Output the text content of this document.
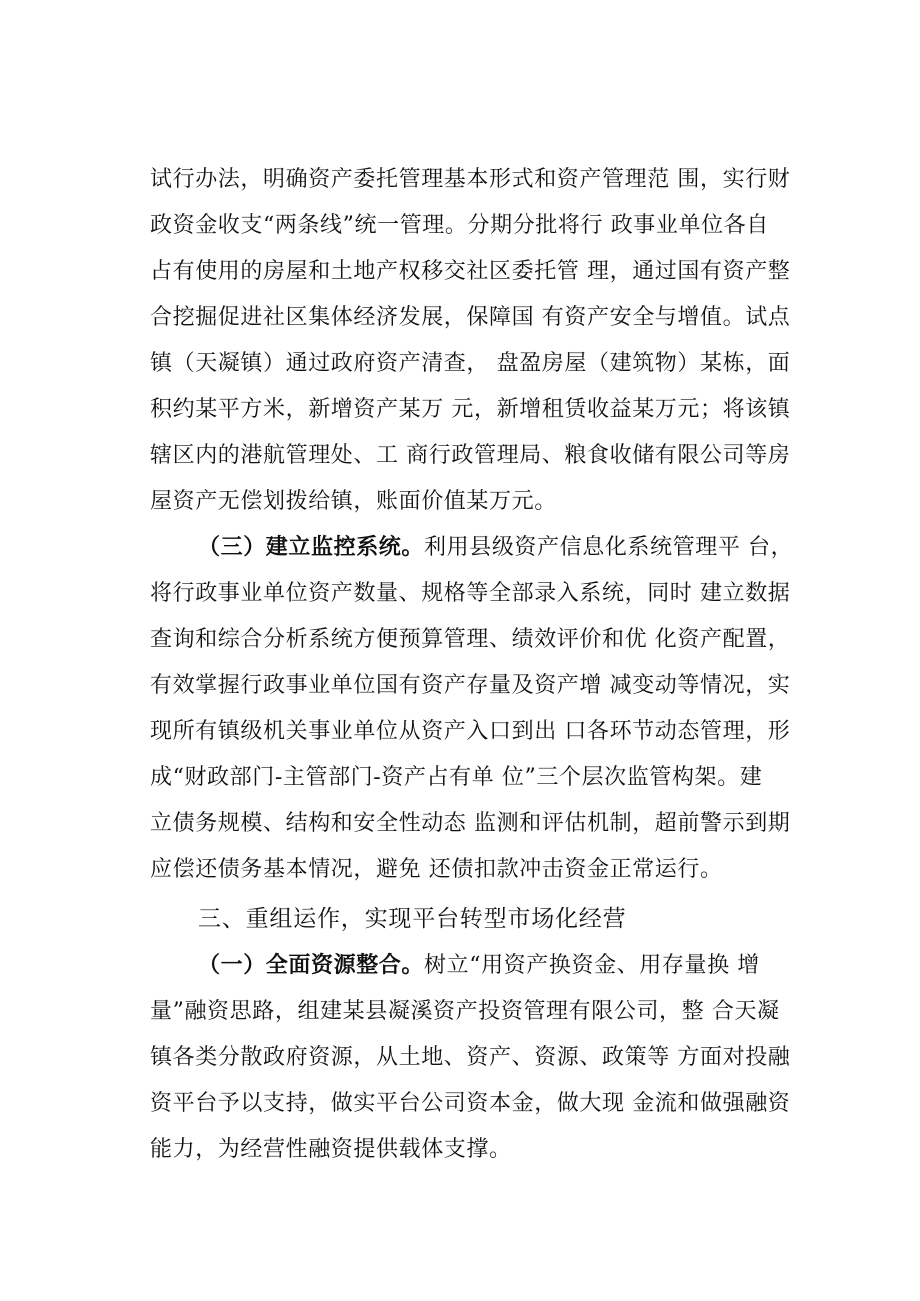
试行办法，明确资产委托管理基本形式和资产管理范 围，实行财
政资金收支“两条线”统一管理。分期分批将行 政事业单位各自
占有使用的房屋和土地产权移交社区委托管 理，通过国有资产整
合挖掘促进社区集体经济发展，保障国 有资产安全与增值。试点
镇（天凝镇）通过政府资产清查， 盘盈房屋（建筑物）某栋，面
积约某平方米，新增资产某万 元，新增租赁收益某万元；将该镇
辖区内的港航管理处、工 商行政管理局、粮食收储有限公司等房
屋资产无偿划拨给镇，账面价值某万元。
（三）建立监控系统。利用县级资产信息化系统管理平 台，
将行政事业单位资产数量、规格等全部录入系统，同时 建立数据
查询和综合分析系统方便预算管理、绩效评价和优 化资产配置，
有效掌握行政事业单位国有资产存量及资产增 减变动等情况，实
现所有镇级机关事业单位从资产入口到出 口各环节动态管理，形
成“财政部门-主管部门-资产占有单 位”三个层次监管构架。建
立债务规模、结构和安全性动态 监测和评估机制，超前警示到期
应偿还债务基本情况，避免 还债扣款冲击资金正常运行。
三、重组运作，实现平台转型市场化经营
（一）全面资源整合。树立“用资产换资金、用存量换 增
量”融资思路，组建某县凝溪资产投资管理有限公司，整 合天凝
镇各类分散政府资源，从土地、资产、资源、政策等 方面对投融
资平台予以支持，做实平台公司资本金，做大现 金流和做强融资
能力，为经营性融资提供载体支撑。
